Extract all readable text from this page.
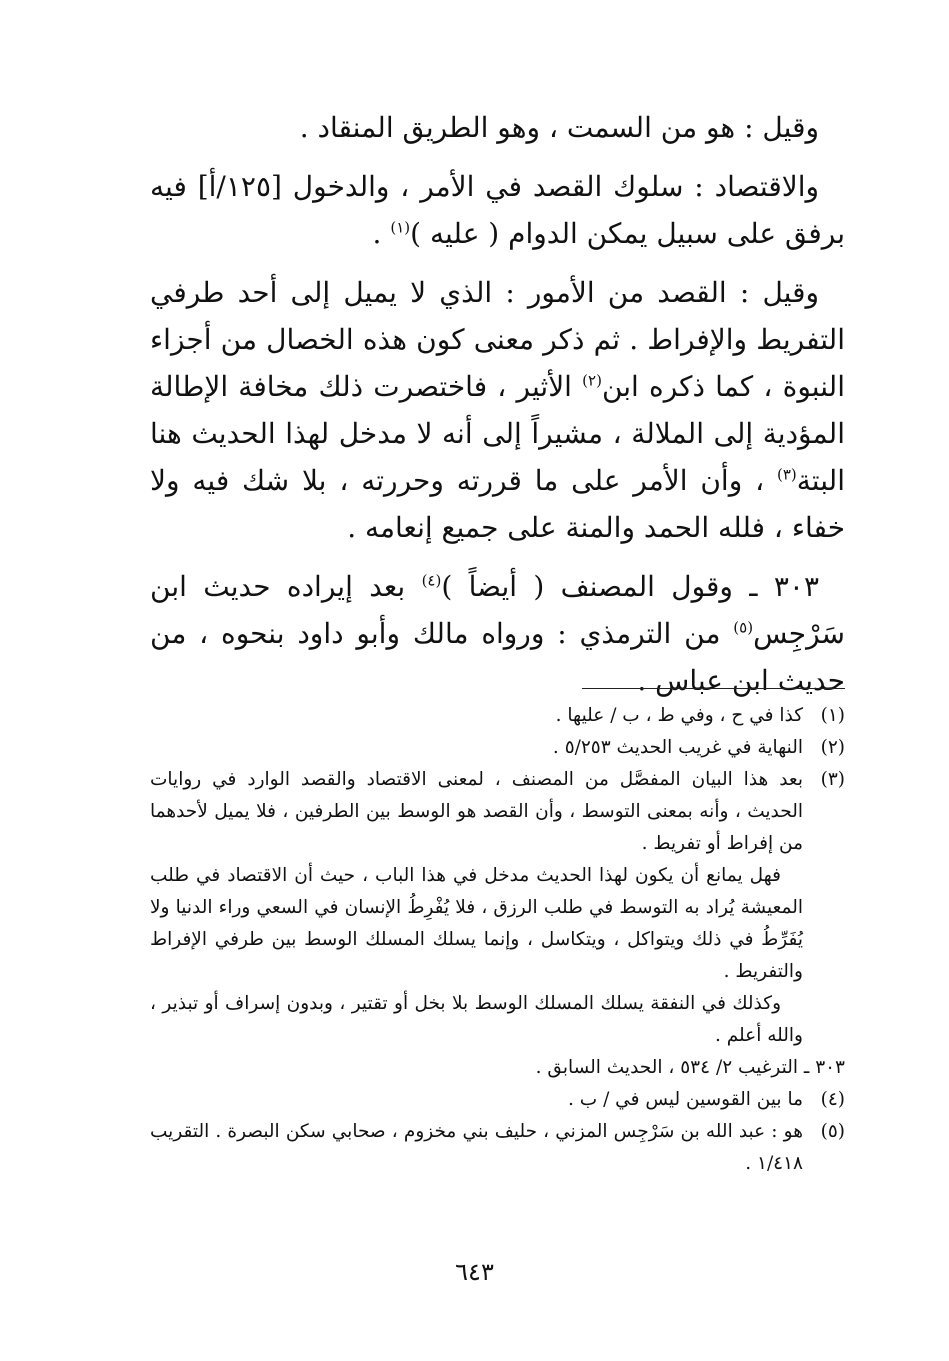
وقيل : هو من السمت ، وهو الطريق المنقاد .

والاقتصاد : سلوك القصد في الأمر ، والدخول [١٢٥/أ] فيه برفق على سبيل يمكن الدوام ( عليه )$^{(١)}$ .

وقيل : القصد من الأمور : الذي لا يميل إلى أحد طرفي التفريط والإفراط . ثم ذكر معنى كون هذه الخصال من أجزاء النبوة ، كما ذكره ابن$^{(٢)}$ الأثير ، فاختصرت ذلك مخافة الإطالة المؤدية إلى الملالة ، مشيراً إلى أنه لا مدخل لهذا الحديث هنا البتة$^{(٣)}$ ، وأن الأمر على ما قررته وحررته ، بلا شك فيه ولا خفاء ، فلله الحمد والمنة على جميع إنعامه .

٣٠٣ ـ وقول المصنف ( أيضاً )$^{(٤)}$ بعد إيراده حديث ابن سَرْجِس$^{(٥)}$ من الترمذي : ورواه مالك وأبو داود بنحوه ، من حديث ابن عباس .

(١)
كذا في ح ، وفي ط ، ب / عليها .
(٢)
النهاية في غريب الحديث ٥/٢٥٣ .
(٣)

بعد هذا البيان المفصَّل من المصنف ، لمعنى الاقتصاد والقصد الوارد في روايات الحديث ، وأنه بمعنى التوسط ، وأن القصد هو الوسط بين الطرفين ، فلا يميل لأحدهما من إفراط أو تفريط .

فهل يمانع أن يكون لهذا الحديث مدخل في هذا الباب ، حيث أن الاقتصاد في طلب المعيشة يُراد به التوسط في طلب الرزق ، فلا يُفْرِطُ الإنسان في السعي وراء الدنيا ولا يُفَرِّطُ في ذلك ويتواكل ، ويتكاسل ، وإنما يسلك المسلك الوسط بين طرفي الإفراط والتفريط .

وكذلك في النفقة يسلك المسلك الوسط بلا بخل أو تقتير ، وبدون إسراف أو تبذير ، والله أعلم .

٣٠٣ ـ الترغيب ٢/ ٥٣٤ ، الحديث السابق .

(٤)
ما بين القوسين ليس في / ب .
(٥)
هو : عبد الله بن سَرْجِس المزني ، حليف بني مخزوم ، صحابي سكن البصرة . التقريب ١/٤١٨ .
٦٤٣
